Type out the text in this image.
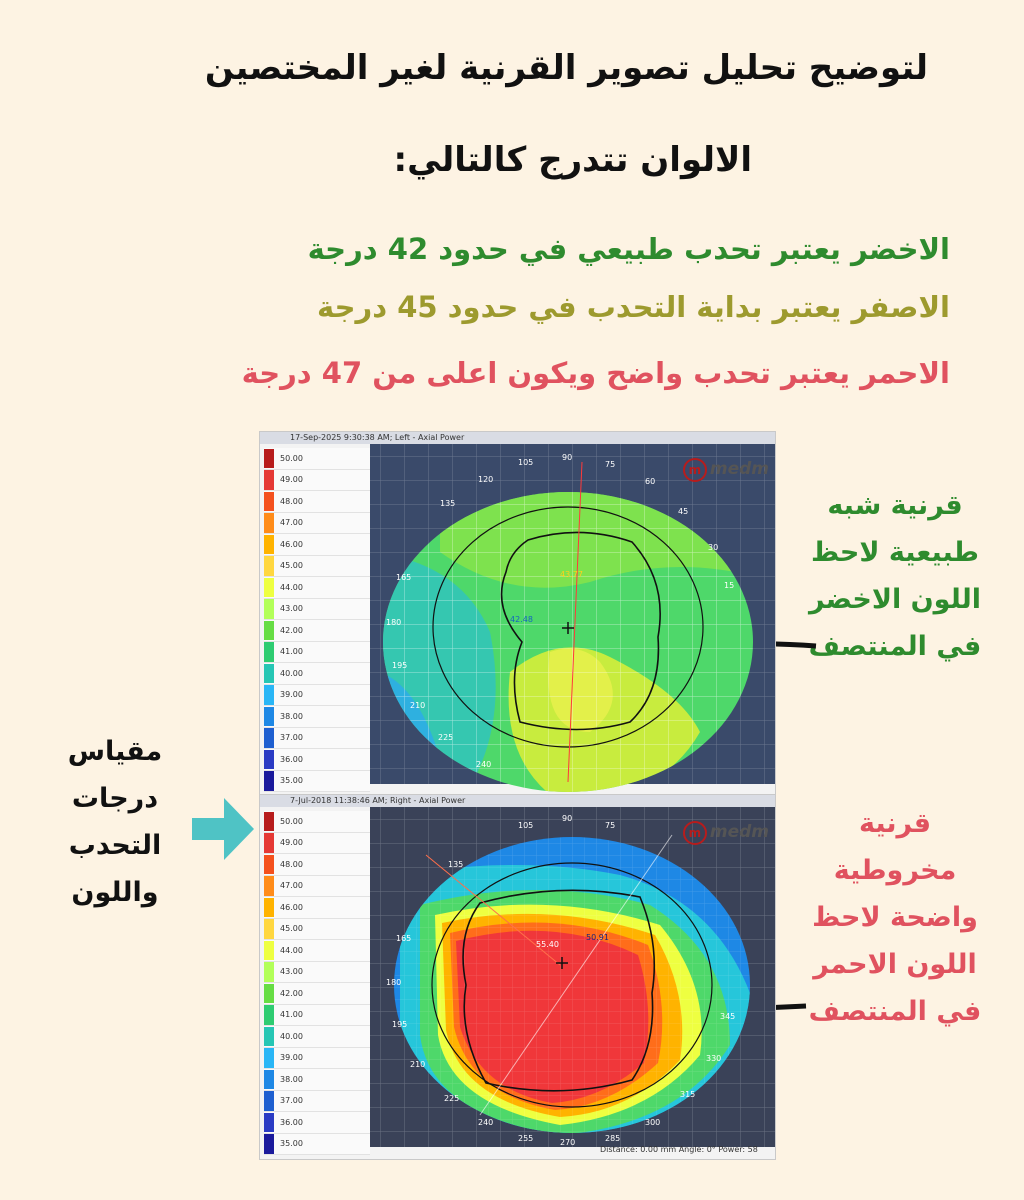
لتوضيح تحليل تصوير القرنية لغير المختصين
الالوان تتدرج كالتالي:

الاخضر يعتبر تحدب طبيعي في حدود 42 درجة

الاصفر يعتبر بداية التحدب في حدود 45 درجة

الاحمر يعتبر تحدب واضح ويكون اعلى من 47 درجة

قرنية شبه طبيعية لاحظ اللون الاخضر في المنتصف
قرنية مخروطية واضحة لاحظ اللون الاحمر في المنتصف
مقياس درجات التحدب واللون
17-Sep-2025 9:30:38 AM; Left - Axial Power
43.77
42.48
105
90
75
60
45
30
15
135
120
165
180
195
210
225
240
m medm
50.00
49.00
48.00
47.00
46.00
45.00
44.00
43.00
42.00
41.00
40.00
39.00
38.00
37.00
36.00
35.00
7-Jul-2018 11:38:46 AM; Right - Axial Power
55.40
50.91
105
90
75
135
165
180
195
210
225
240
255	270	285
300
315
330
345
m medm
Distance: 0.00 mm Angle: 0° Power: 58
50.00
49.00
48.00
47.00
46.00
45.00
44.00
43.00
42.00
41.00
40.00
39.00
38.00
37.00
36.00
35.00
